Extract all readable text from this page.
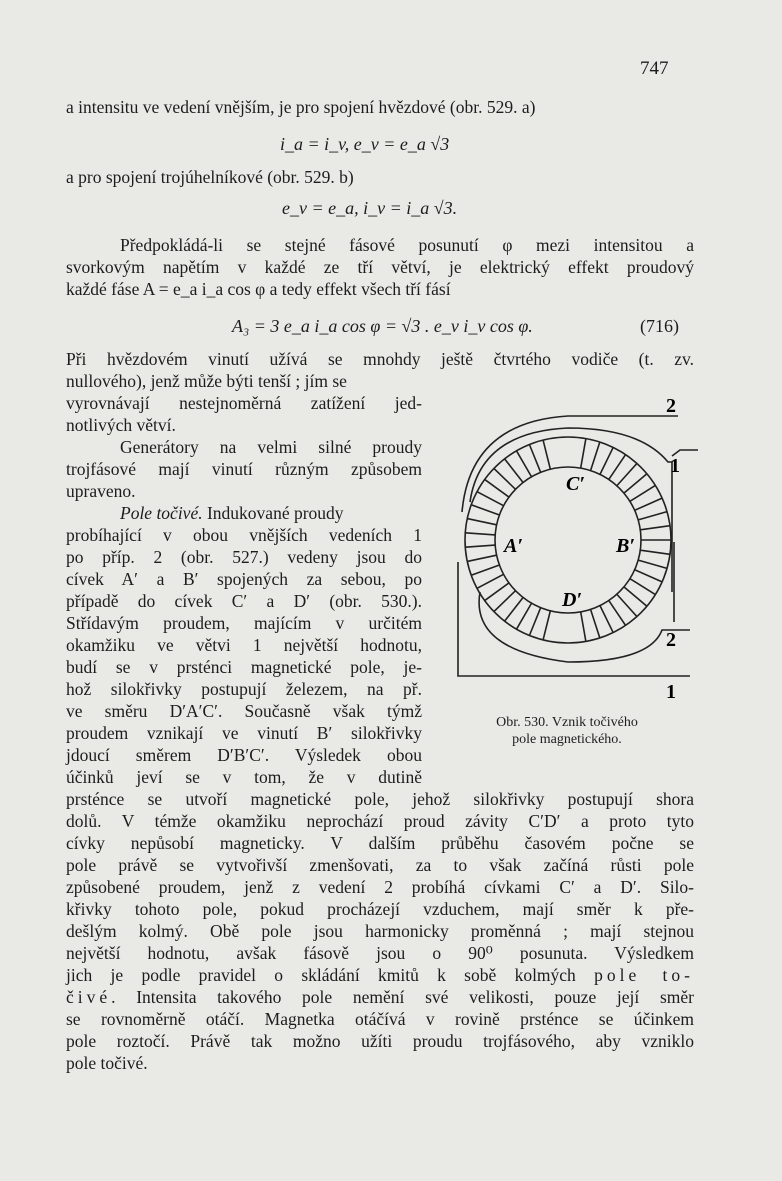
747
a intensitu ve vedení vnějším, je pro spojení hvězdové (obr. 529. a)
i_a = i_v, e_v = e_a √3
a pro spojení trojúhelníkové (obr. 529. b)
e_v = e_a, i_v = i_a √3.
Předpokládá-li se stejné fásové posunutí φ mezi intensitou a
svorkovým napětím v každé ze tří větví, je elektrický effekt proudový
každé fáse A = e_a i_a cos φ a tedy effekt všech tří fásí
A₃ = 3 e_a i_a cos φ = √3 . e_v i_v cos φ.	(716)
Při hvězdovém vinutí užívá se mnohdy ještě čtvrtého vodiče (t. zv.
nullového), jenž může býti tenší ; jím se
vyrovnávají nestejnoměrná zatížení jed-
notlivých větví.
Generátory na velmi silné proudy
trojfásové mají vinutí různým způsobem
upraveno.
Pole točivé. Indukované proudy
probíhající v obou vnějších vedeních 1
po příp. 2 (obr. 527.) vedeny jsou do
cívek A′ a B′ spojených za sebou, po
případě do cívek C′ a D′ (obr. 530.).
Střídavým proudem, majícím v určitém
okamžiku ve větvi 1 největší hodnotu,
budí se v prsténci magnetické pole, je-
hož silokřivky postupují železem, na př.
ve směru D′A′C′. Současně však týmž
proudem vznikají ve vinutí B′ silokřivky
jdoucí směrem D′B′C′. Výsledek obou
účinků jeví se v tom, že v dutině
prsténce se utvoří magnetické pole, jehož silokřivky postupují shora
dolů. V témže okamžiku neprochází proud závity C′D′ a proto tyto
cívky nepůsobí magneticky. V dalším průběhu časovém počne se
pole právě se vytvořivší zmenšovati, za to však začíná růsti pole
způsobené proudem, jenž z vedení 2 probíhá cívkami C′ a D′. Silo-
křivky tohoto pole, pokud procházejí vzduchem, mají směr k pře-
dešlým kolmý. Obě pole jsou harmonicky proměnná ; mají stejnou
největší hodnotu, avšak fásově jsou o 90⁰ posunuta. Výsledkem
jich je podle pravidel o skládání kmitů k sobě kolmých pole to-
čivé. Intensita takového pole nemění své velikosti, pouze její směr
se rovnoměrně otáčí. Magnetka otáčívá v rovině prsténce se účinkem
pole roztočí. Právě tak možno užíti proudu trojfásového, aby vzniklo
pole točivé.
C′
A′	B′
D′
2
1
2
1
Obr. 530. Vznik točivého
pole magnetického.
